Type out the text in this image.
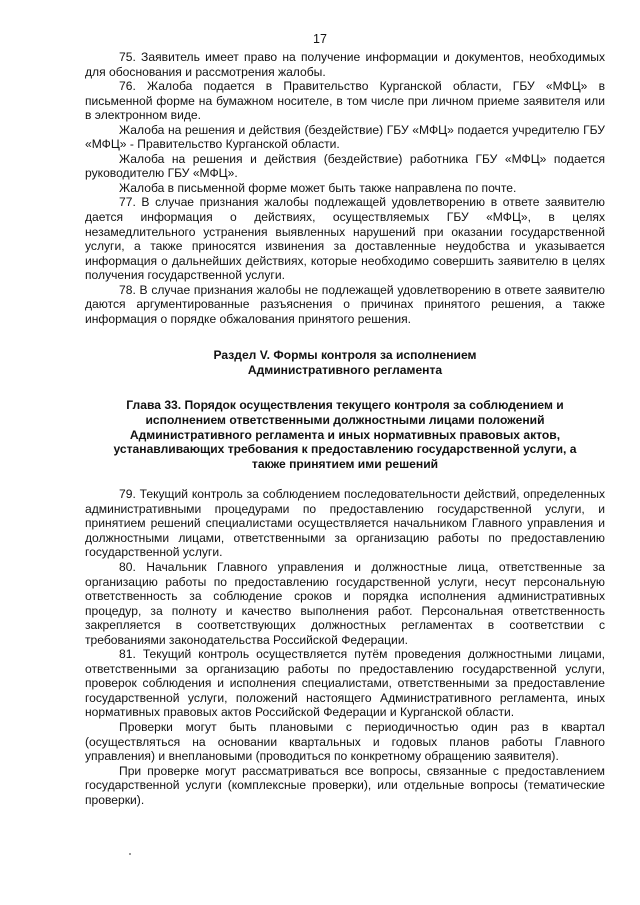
17

75. Заявитель имеет право на получение информации и документов, необходимых для обоснования и рассмотрения жалобы.

76. Жалоба подается в Правительство Курганской области, ГБУ «МФЦ» в письменной форме на бумажном носителе, в том числе при личном приеме заявителя или в электронном виде.

Жалоба на решения и действия (бездействие) ГБУ «МФЦ» подается учредителю ГБУ «МФЦ» - Правительство Курганской области.

Жалоба на решения и действия (бездействие) работника ГБУ «МФЦ» подается руководителю ГБУ «МФЦ».

Жалоба в письменной форме может быть также направлена по почте.

77. В случае признания жалобы подлежащей удовлетворению в ответе заявителю дается информация о действиях, осуществляемых ГБУ «МФЦ», в целях незамедлительного устранения выявленных нарушений при оказании государственной услуги, а также приносятся извинения за доставленные неудобства и указывается информация о дальнейших действиях, которые необходимо совершить заявителю в целях получения государственной услуги.

78. В случае признания жалобы не подлежащей удовлетворению в ответе заявителю даются аргументированные разъяснения о причинах принятого решения, а также информация о порядке обжалования принятого решения.

Раздел V. Формы контроля за исполнением

Административного регламента

Глава 33. Порядок осуществления текущего контроля за соблюдением и исполнением ответственными должностными лицами положений Административного регламента и иных нормативных правовых актов, устанавливающих требования к предоставлению государственной услуги, а также принятием ими решений

79. Текущий контроль за соблюдением последовательности действий, определенных административными процедурами по предоставлению государственной услуги, и принятием решений специалистами осуществляется начальником Главного управления и должностными лицами, ответственными за организацию работы по предоставлению государственной услуги.

80. Начальник Главного управления и должностные лица, ответственные за организацию работы по предоставлению государственной услуги, несут персональную ответственность за соблюдение сроков и порядка исполнения административных процедур, за полноту и качество выполнения работ. Персональная ответственность закрепляется в соответствующих должностных регламентах в соответствии с требованиями законодательства Российской Федерации.

81. Текущий контроль осуществляется путём проведения должностными лицами, ответственными за организацию работы по предоставлению государственной услуги, проверок соблюдения и исполнения специалистами, ответственными за предоставление государственной услуги, положений настоящего Административного регламента, иных нормативных правовых актов Российской Федерации и Курганской области.

Проверки могут быть плановыми с периодичностью один раз в квартал (осуществляться на основании квартальных и годовых планов работы Главного управления) и внеплановыми (проводиться по конкретному обращению заявителя).

При проверке могут рассматриваться все вопросы, связанные с предоставлением государственной услуги (комплексные проверки), или отдельные вопросы (тематические проверки).
